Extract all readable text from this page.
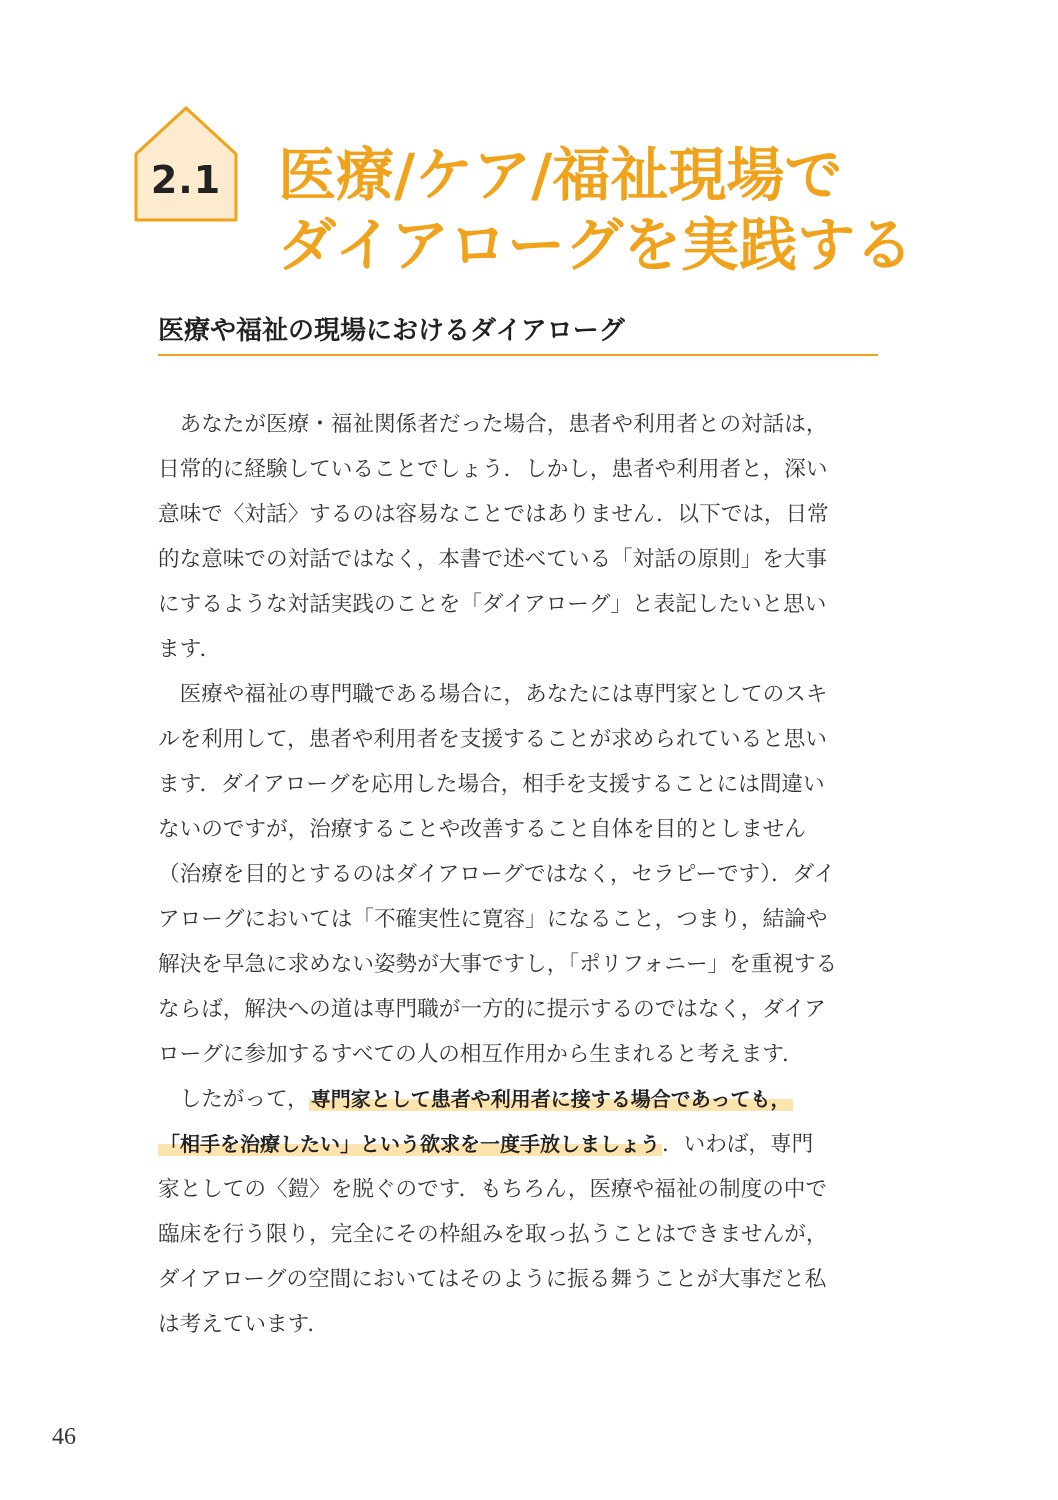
2.1 医療/ケア/福祉現場で
ダイアローグを実践する
医療や福祉の現場におけるダイアローグ
　あなたが医療・福祉関係者だった場合，患者や利用者との対話は，
日常的に経験していることでしょう．しかし，患者や利用者と，深い
意味で〈対話〉するのは容易なことではありません．以下では，日常
的な意味での対話ではなく，本書で述べている「対話の原則」を大事
にするような対話実践のことを「ダイアローグ」と表記したいと思い
ます．
　医療や福祉の専門職である場合に，あなたには専門家としてのスキ
ルを利用して，患者や利用者を支援することが求められていると思い
ます．ダイアローグを応用した場合，相手を支援することには間違い
ないのですが，治療することや改善すること自体を目的としません
（治療を目的とするのはダイアローグではなく，セラピーです）．ダイ
アローグにおいては「不確実性に寛容」になること，つまり，結論や
解決を早急に求めない姿勢が大事ですし，「ポリフォニー」を重視する
ならば，解決への道は専門職が一方的に提示するのではなく，ダイア
ローグに参加するすべての人の相互作用から生まれると考えます．
　したがって， 専門家として患者や利用者に接する場合であっても，
「相手を治療したい」という欲求を一度手放しましょう．いわば，専門
家としての〈鎧〉を脱ぐのです．もちろん，医療や福祉の制度の中で
臨床を行う限り，完全にその枠組みを取っ払うことはできませんが，
ダイアローグの空間においてはそのように振る舞うことが大事だと私
は考えています．
46
